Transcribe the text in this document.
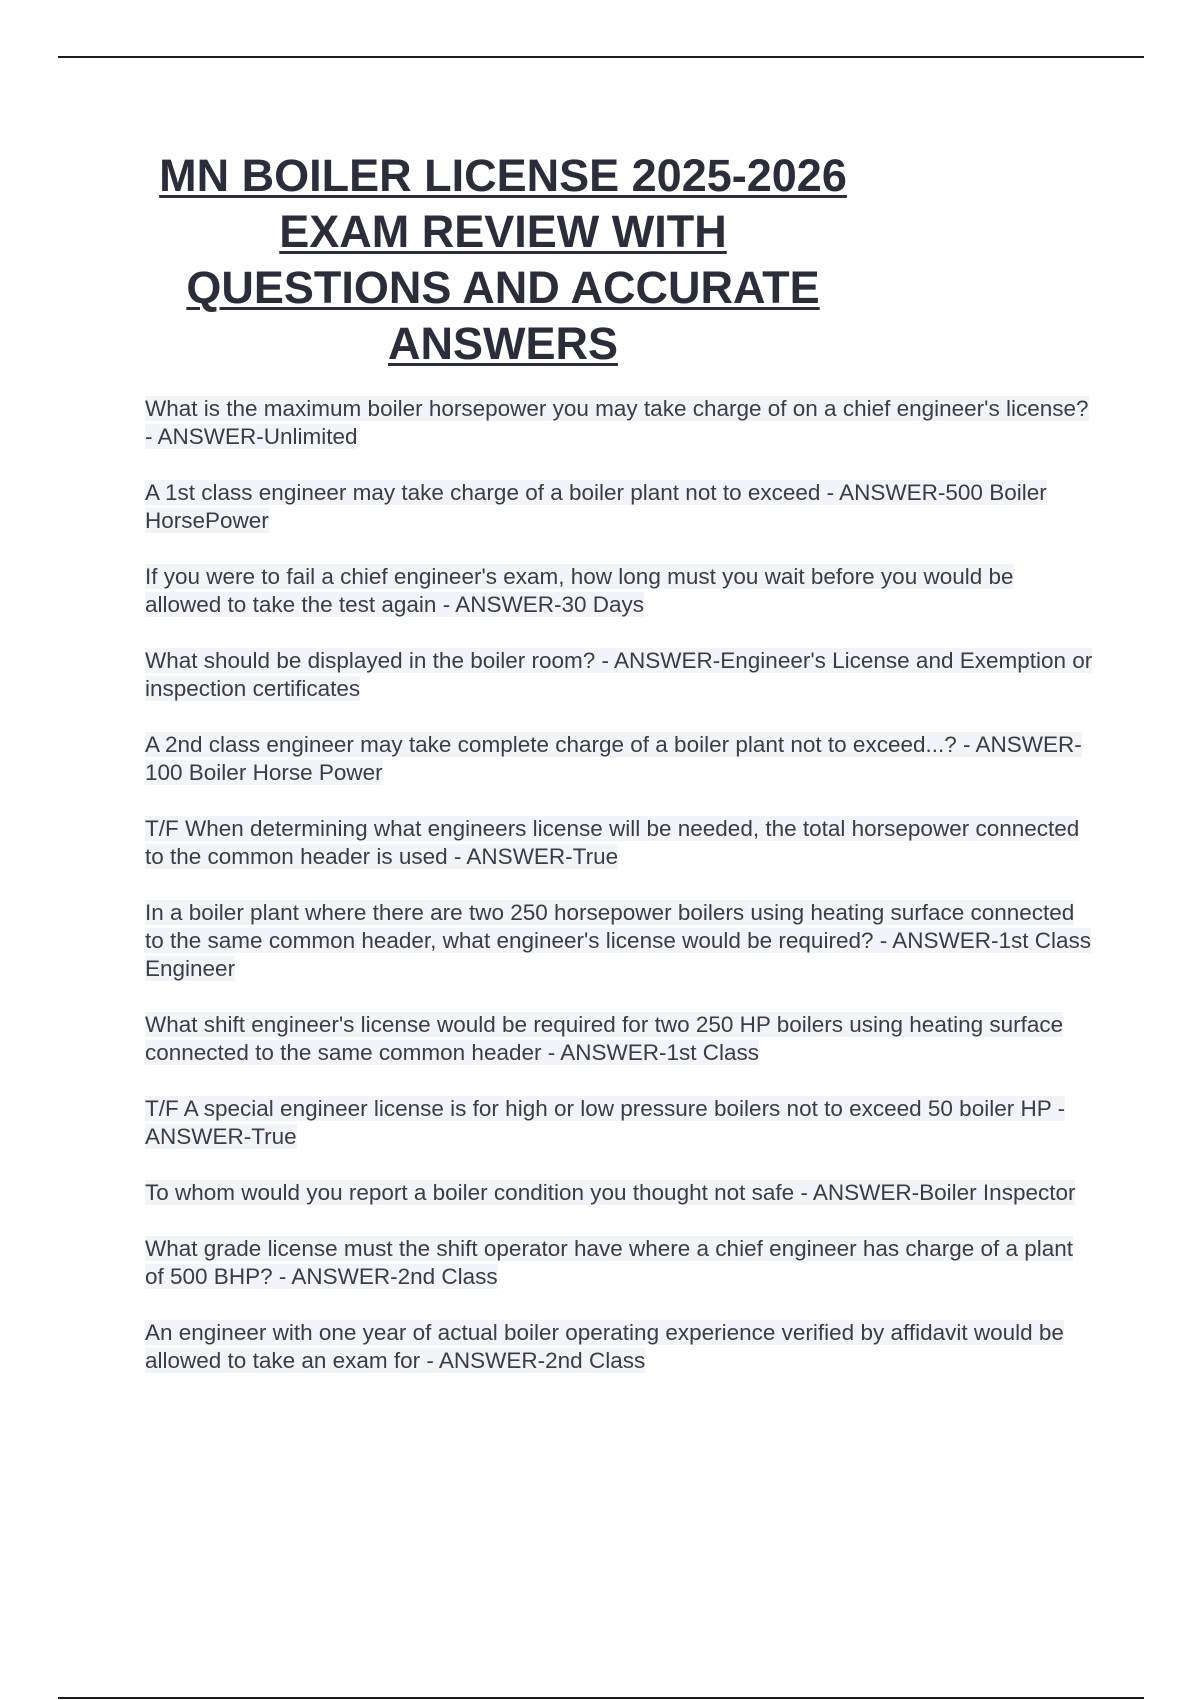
MN BOILER LICENSE 2025-2026 EXAM REVIEW WITH QUESTIONS AND ACCURATE ANSWERS
What is the maximum boiler horsepower you may take charge of on a chief engineer's license? - ANSWER-Unlimited
A 1st class engineer may take charge of a boiler plant not to exceed - ANSWER-500 Boiler HorsePower
If you were to fail a chief engineer's exam, how long must you wait before you would be allowed to take the test again - ANSWER-30 Days
What should be displayed in the boiler room? - ANSWER-Engineer's License and Exemption or inspection certificates
A 2nd class engineer may take complete charge of a boiler plant not to exceed...? - ANSWER-100 Boiler Horse Power
T/F When determining what engineers license will be needed, the total horsepower connected to the common header is used - ANSWER-True
In a boiler plant where there are two 250 horsepower boilers using heating surface connected to the same common header, what engineer's license would be required? - ANSWER-1st Class Engineer
What shift engineer's license would be required for two 250 HP boilers using heating surface connected to the same common header - ANSWER-1st Class
T/F A special engineer license is for high or low pressure boilers not to exceed 50 boiler HP - ANSWER-True
To whom would you report a boiler condition you thought not safe - ANSWER-Boiler Inspector
What grade license must the shift operator have where a chief engineer has charge of a plant of 500 BHP? - ANSWER-2nd Class
An engineer with one year of actual boiler operating experience verified by affidavit would be allowed to take an exam for - ANSWER-2nd Class
